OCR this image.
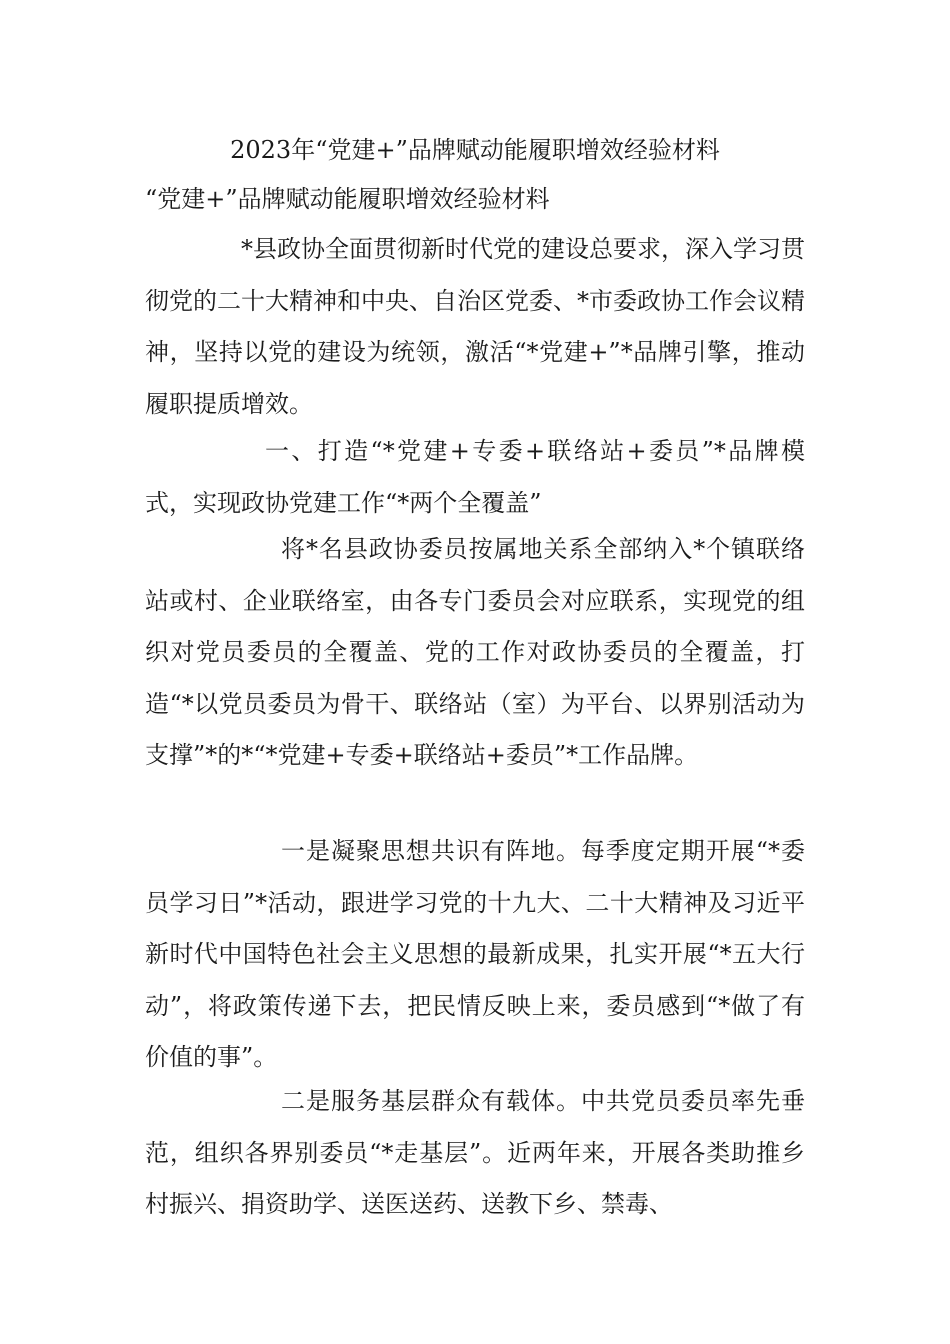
2023年“党建+”品牌赋动能履职增效经验材料
“党建+”品牌赋动能履职增效经验材料

*县政协全面贯彻新时代党的建设总要求，深入学习贯彻党的二十大精神和中央、自治区党委、*市委政协工作会议精神，坚持以党的建设为统领，激活“*党建+”*品牌引擎，推动履职提质增效。

一、打造“*党建+专委+联络站+委员”*品牌模式，实现政协党建工作“*两个全覆盖”

将*名县政协委员按属地关系全部纳入*个镇联络站或村、企业联络室，由各专门委员会对应联系，实现党的组织对党员委员的全覆盖、党的工作对政协委员的全覆盖，打造“*以党员委员为骨干、联络站（室）为平台、以界别活动为支撑”*的*“*党建+专委+联络站+委员”*工作品牌。

一是凝聚思想共识有阵地。每季度定期开展“*委员学习日”*活动，跟进学习党的十九大、二十大精神及习近平新时代中国特色社会主义思想的最新成果，扎实开展“*五大行动”，将政策传递下去，把民情反映上来，委员感到“*做了有价值的事”。

二是服务基层群众有载体。中共党员委员率先垂范，组织各界别委员“*走基层”。近两年来，开展各类助推乡村振兴、捐资助学、送医送药、送教下乡、禁毒、
